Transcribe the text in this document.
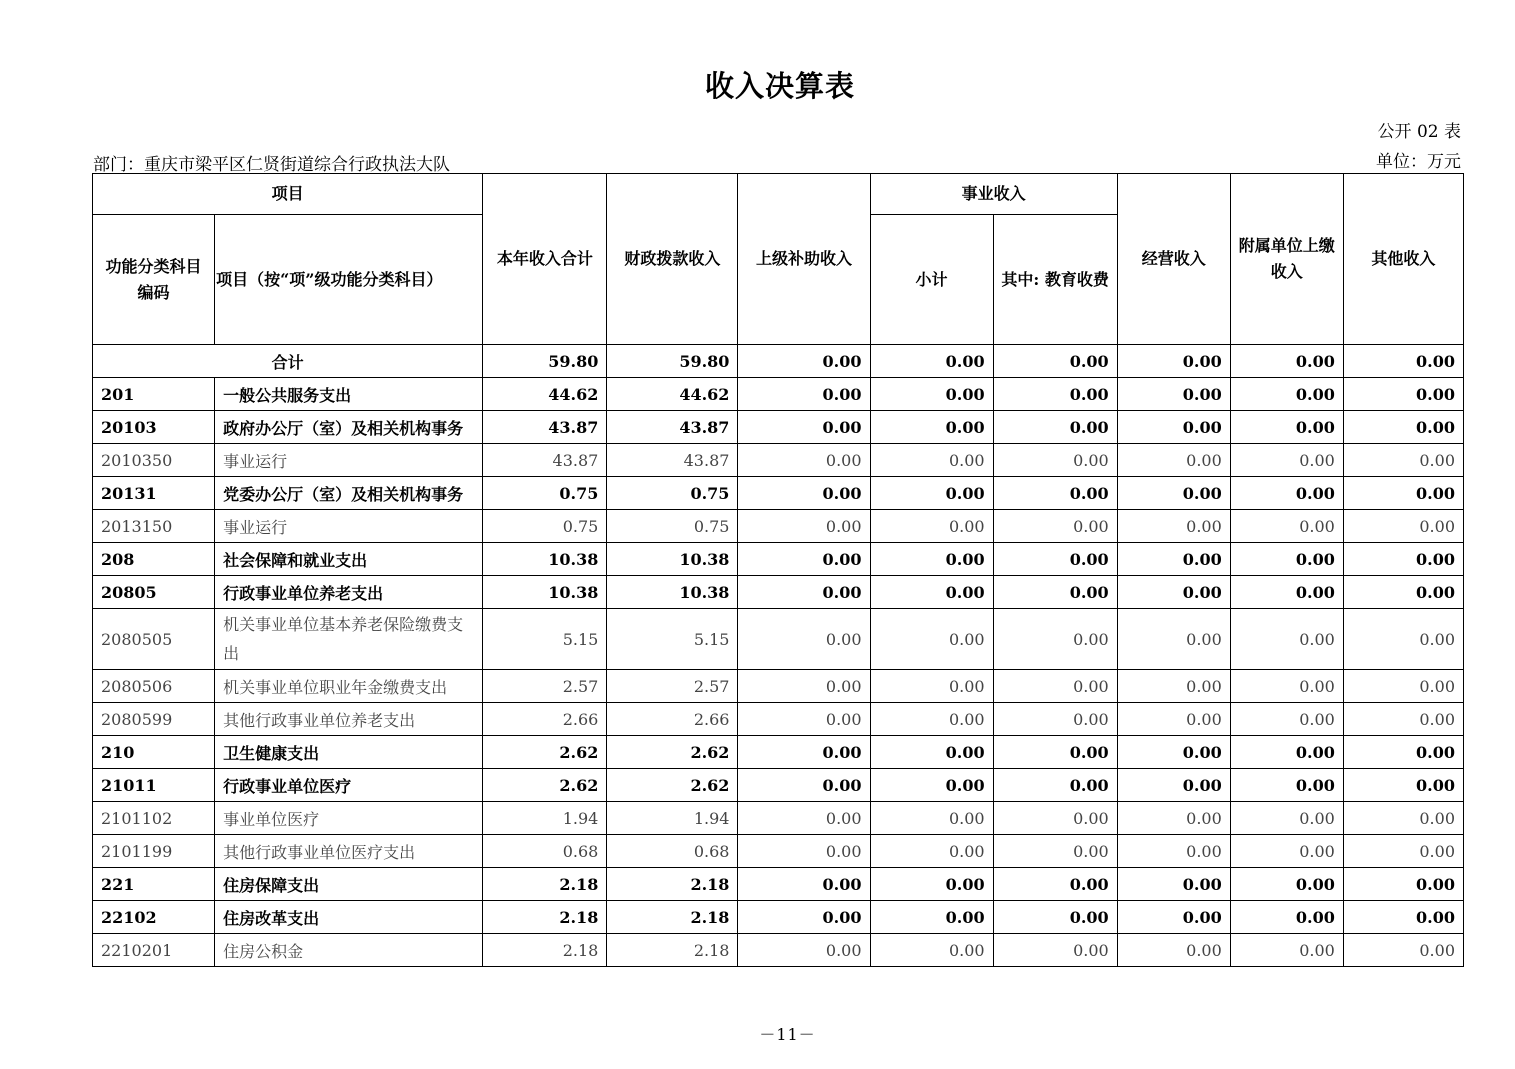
收入决算表
公开 02 表
部门：重庆市梁平区仁贤街道综合行政执法大队	单位：万元
项目		本年收入合计	财政拨款收入	上级补助收入	事业收入		经营收入	附属单位上缴收入	其他收入
功能分类科目编码	项目（按“项”级功能分类科目）				小计	其中: 教育收费			
合计		59.80	59.80	0.00	0.00	0.00	0.00	0.00	0.00
201	一般公共服务支出	44.62	44.62	0.00	0.00	0.00	0.00	0.00	0.00
20103	政府办公厅（室）及相关机构事务	43.87	43.87	0.00	0.00	0.00	0.00	0.00	0.00
2010350	事业运行	43.87	43.87	0.00	0.00	0.00	0.00	0.00	0.00
20131	党委办公厅（室）及相关机构事务	0.75	0.75	0.00	0.00	0.00	0.00	0.00	0.00
2013150	事业运行	0.75	0.75	0.00	0.00	0.00	0.00	0.00	0.00
208	社会保障和就业支出	10.38	10.38	0.00	0.00	0.00	0.00	0.00	0.00
20805	行政事业单位养老支出	10.38	10.38	0.00	0.00	0.00	0.00	0.00	0.00
2080505	机关事业单位基本养老保险缴费支出	5.15	5.15	0.00	0.00	0.00	0.00	0.00	0.00
2080506	机关事业单位职业年金缴费支出	2.57	2.57	0.00	0.00	0.00	0.00	0.00	0.00
2080599	其他行政事业单位养老支出	2.66	2.66	0.00	0.00	0.00	0.00	0.00	0.00
210	卫生健康支出	2.62	2.62	0.00	0.00	0.00	0.00	0.00	0.00
21011	行政事业单位医疗	2.62	2.62	0.00	0.00	0.00	0.00	0.00	0.00
2101102	事业单位医疗	1.94	1.94	0.00	0.00	0.00	0.00	0.00	0.00
2101199	其他行政事业单位医疗支出	0.68	0.68	0.00	0.00	0.00	0.00	0.00	0.00
221	住房保障支出	2.18	2.18	0.00	0.00	0.00	0.00	0.00	0.00
22102	住房改革支出	2.18	2.18	0.00	0.00	0.00	0.00	0.00	0.00
2210201	住房公积金	2.18	2.18	0.00	0.00	0.00	0.00	0.00	0.00
－11－
